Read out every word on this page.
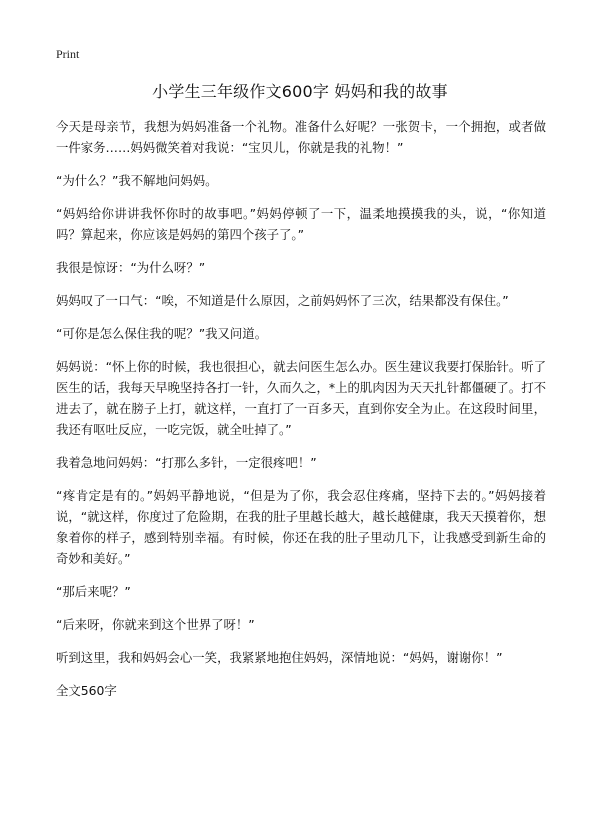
Print
小学生三年级作文600字 妈妈和我的故事

今天是母亲节，我想为妈妈准备一个礼物。准备什么好呢？一张贺卡，一个拥抱，或者做一件家务……妈妈微笑着对我说：“宝贝儿，你就是我的礼物！”

“为什么？”我不解地问妈妈。

“妈妈给你讲讲我怀你时的故事吧。”妈妈停顿了一下，温柔地摸摸我的头，说，“你知道吗？算起来，你应该是妈妈的第四个孩子了。”

我很是惊讶：“为什么呀？”

妈妈叹了一口气：“唉，不知道是什么原因，之前妈妈怀了三次，结果都没有保住。”

“可你是怎么保住我的呢？”我又问道。

妈妈说：“怀上你的时候，我也很担心，就去问医生怎么办。医生建议我要打保胎针。听了医生的话，我每天早晚坚持各打一针，久而久之，*上的肌肉因为天天扎针都僵硬了。打不进去了，就在膀子上打，就这样，一直打了一百多天，直到你安全为止。在这段时间里，我还有呕吐反应，一吃完饭，就全吐掉了。”

我着急地问妈妈：“打那么多针，一定很疼吧！”

“疼肯定是有的。”妈妈平静地说，“但是为了你，我会忍住疼痛，坚持下去的。”妈妈接着说，“就这样，你度过了危险期，在我的肚子里越长越大，越长越健康，我天天摸着你，想象着你的样子，感到特别幸福。有时候，你还在我的肚子里动几下，让我感受到新生命的奇妙和美好。”

“那后来呢？”

“后来呀，你就来到这个世界了呀！”

听到这里，我和妈妈会心一笑，我紧紧地抱住妈妈，深情地说：“妈妈，谢谢你！”

全文560字
